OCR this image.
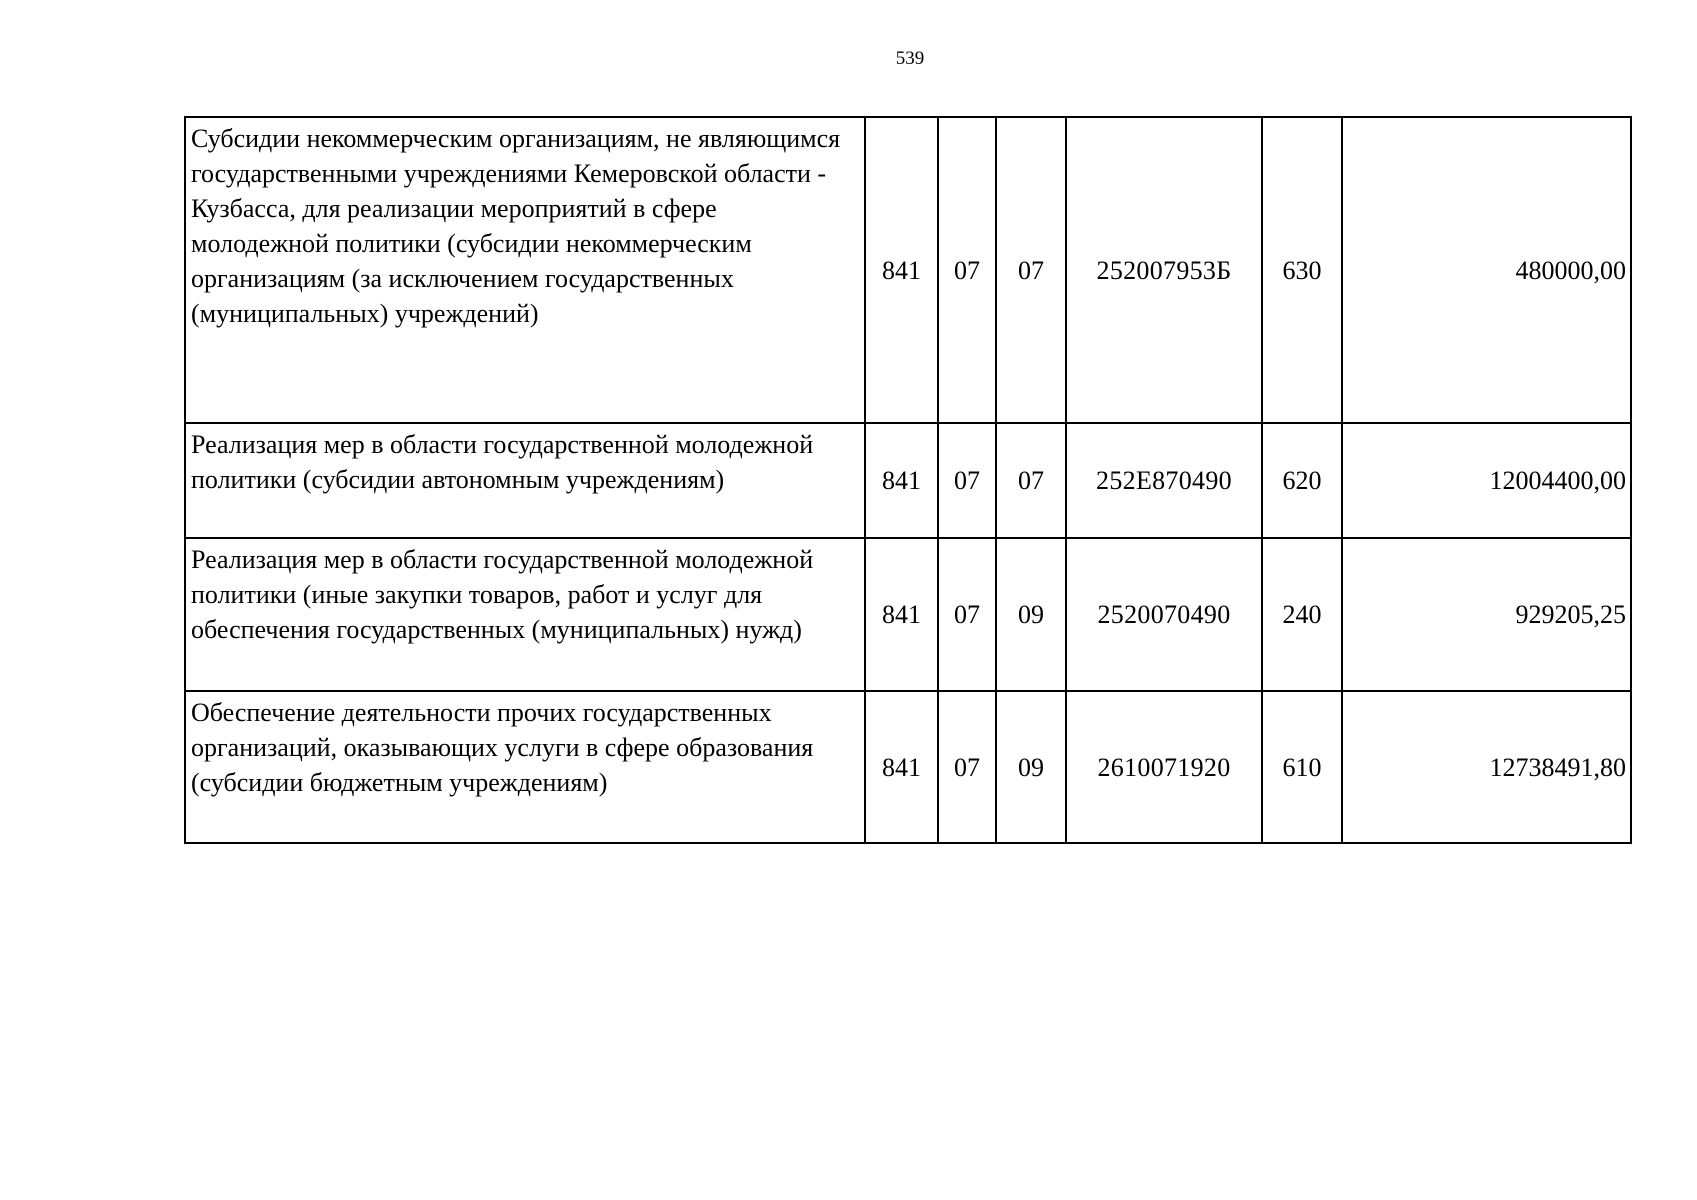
539
Субсидии некоммерческим организациям, не являющимся государственными учреждениями Кемеровской области - Кузбасса, для реализации мероприятий в сфере молодежной политики (субсидии некоммерческим организациям (за исключением государственных (муниципальных) учреждений)	841	07	07	252007953Б	630	480000,00
Реализация мер в области государственной молодежной политики (субсидии автономным учреждениям)	841	07	07	252Е870490	620	12004400,00
Реализация мер в области государственной молодежной политики (иные закупки товаров, работ и услуг для обеспечения государственных (муниципальных) нужд)	841	07	09	2520070490	240	929205,25
Обеспечение деятельности прочих государственных организаций, оказывающих услуги в сфере образования (субсидии бюджетным учреждениям)	841	07	09	2610071920	610	12738491,80
